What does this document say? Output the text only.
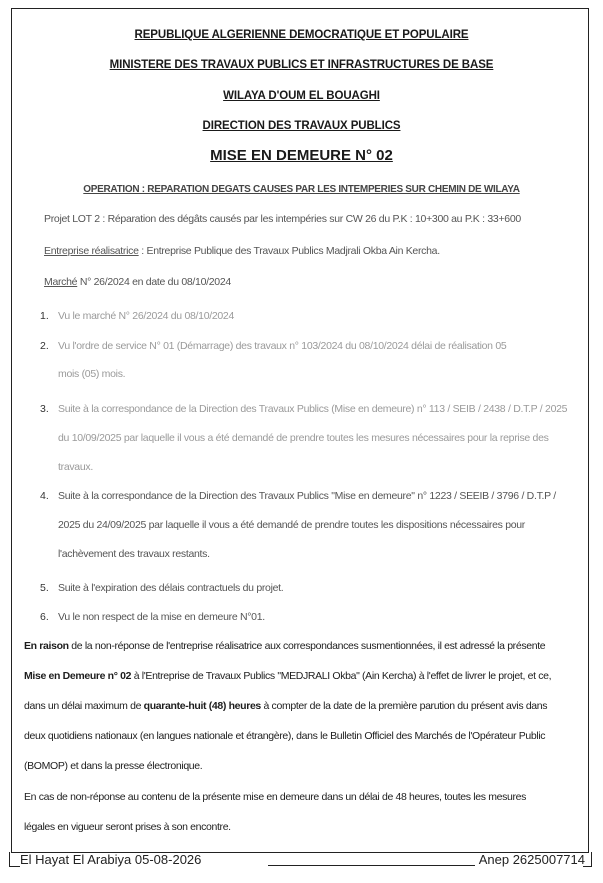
REPUBLIQUE ALGERIENNE DEMOCRATIQUE ET POPULAIRE
MINISTERE DES TRAVAUX PUBLICS ET INFRASTRUCTURES DE BASE
WILAYA D'OUM EL BOUAGHI
DIRECTION DES TRAVAUX PUBLICS
MISE EN DEMEURE N° 02
OPERATION : REPARATION DEGATS CAUSES PAR LES INTEMPERIES SUR CHEMIN DE WILAYA
Projet LOT 2 : Réparation des dégâts causés par les intempéries sur CW 26 du P.K : 10+300 au P.K : 33+600
Entreprise réalisatrice : Entreprise Publique des Travaux Publics Madjrali Okba Ain Kercha.
Marché N° 26/2024 en date du 08/10/2024
1. Vu le marché N° 26/2024 du 08/10/2024
2. Vu l'ordre de service N° 01 (Démarrage) des travaux n° 103/2024 du 08/10/2024 délai de réalisation 05
mois (05) mois.
3. Suite à la correspondance de la Direction des Travaux Publics (Mise en demeure) n° 113 / SEIB / 2438 / D.T.P / 2025
du 10/09/2025 par laquelle il vous a été demandé de prendre toutes les mesures nécessaires pour la reprise des
travaux.
4. Suite à la correspondance de la Direction des Travaux Publics "Mise en demeure" n° 1223 / SEEIB / 3796 / D.T.P /
2025 du 24/09/2025 par laquelle il vous a été demandé de prendre toutes les dispositions nécessaires pour
l'achèvement des travaux restants.
5. Suite à l'expiration des délais contractuels du projet.
6. Vu le non respect de la mise en demeure N°01.
En raison de la non-réponse de l'entreprise réalisatrice aux correspondances susmentionnées, il est adressé la présente
Mise en Demeure n° 02 à l'Entreprise de Travaux Publics "MEDJRALI Okba" (Ain Kercha) à l'effet de livrer le projet, et ce,
dans un délai maximum de quarante-huit (48) heures à compter de la date de la première parution du présent avis dans
deux quotidiens nationaux (en langues nationale et étrangère), dans le Bulletin Officiel des Marchés de l'Opérateur Public
(BOMOP) et dans la presse électronique.
En cas de non-réponse au contenu de la présente mise en demeure dans un délai de 48 heures, toutes les mesures
légales en vigueur seront prises à son encontre.
El Hayat El Arabiya 05-08-2026	Anep 2625007714
